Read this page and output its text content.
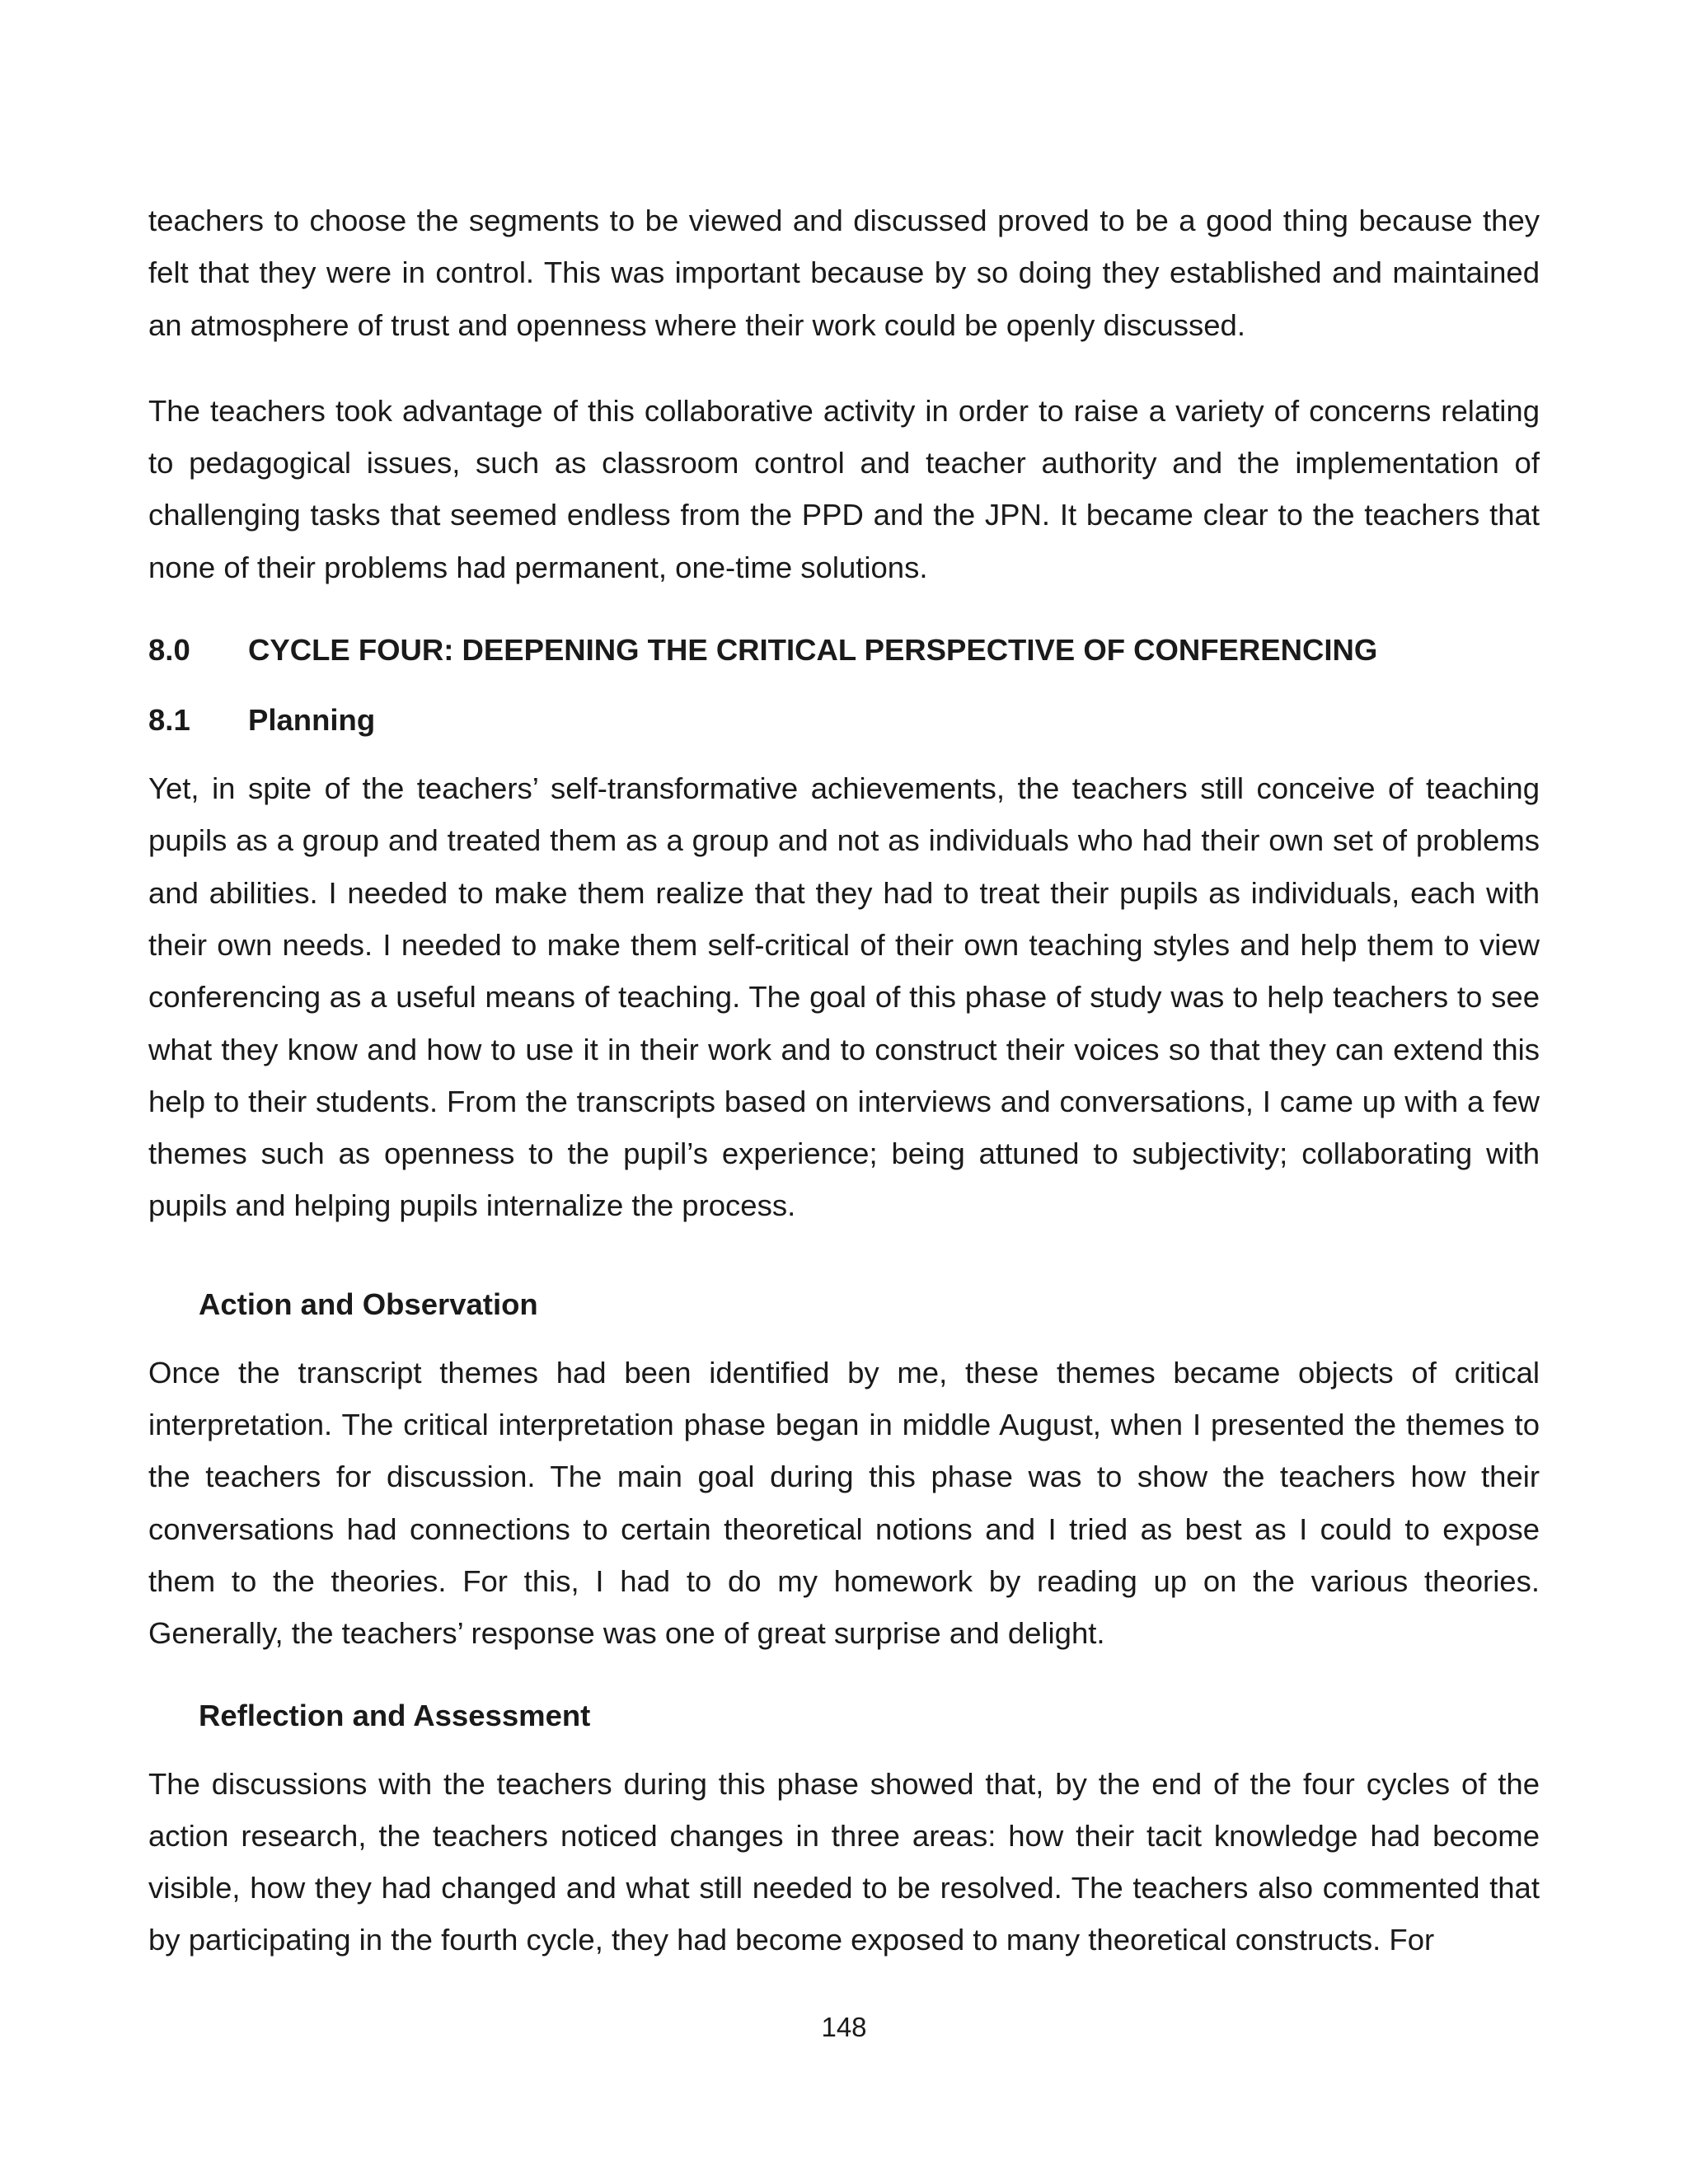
teachers to choose the segments to be viewed and discussed proved to be a good thing because they felt that they were in control. This was important because by so doing they established and maintained an atmosphere of trust and openness where their work could be openly discussed.

The teachers took advantage of this collaborative activity in order to raise a variety of concerns relating to pedagogical issues, such as classroom control and teacher authority and the implementation of challenging tasks that seemed endless from the PPD and the JPN. It became clear to the teachers that none of their problems had permanent, one-time solutions.

8.0	CYCLE FOUR: DEEPENING THE CRITICAL PERSPECTIVE OF CONFERENCING
8.1	Planning

Yet, in spite of the teachers’ self-transformative achievements, the teachers still conceive of teaching pupils as a group and treated them as a group and not as individuals who had their own set of problems and abilities. I needed to make them realize that they had to treat their pupils as individuals, each with their own needs. I needed to make them self-critical of their own teaching styles and help them to view conferencing as a useful means of teaching. The goal of this phase of study was to help teachers to see what they know and how to use it in their work and to construct their voices so that they can extend this help to their students. From the transcripts based on interviews and conversations, I came up with a few themes such as openness to the pupil’s experience; being attuned to subjectivity; collaborating with pupils and helping pupils internalize the process.

Action and Observation

Once the transcript themes had been identified by me, these themes became objects of critical interpretation. The critical interpretation phase began in middle August, when I presented the themes to the teachers for discussion. The main goal during this phase was to show the teachers how their conversations had connections to certain theoretical notions and I tried as best as I could to expose them to the theories. For this, I had to do my homework by reading up on the various theories. Generally, the teachers’ response was one of great surprise and delight.

Reflection and Assessment

The discussions with the teachers during this phase showed that, by the end of the four cycles of the action research, the teachers noticed changes in three areas: how their tacit knowledge had become visible, how they had changed and what still needed to be resolved. The teachers also commented that by participating in the fourth cycle, they had become exposed to many theoretical constructs. For

148
